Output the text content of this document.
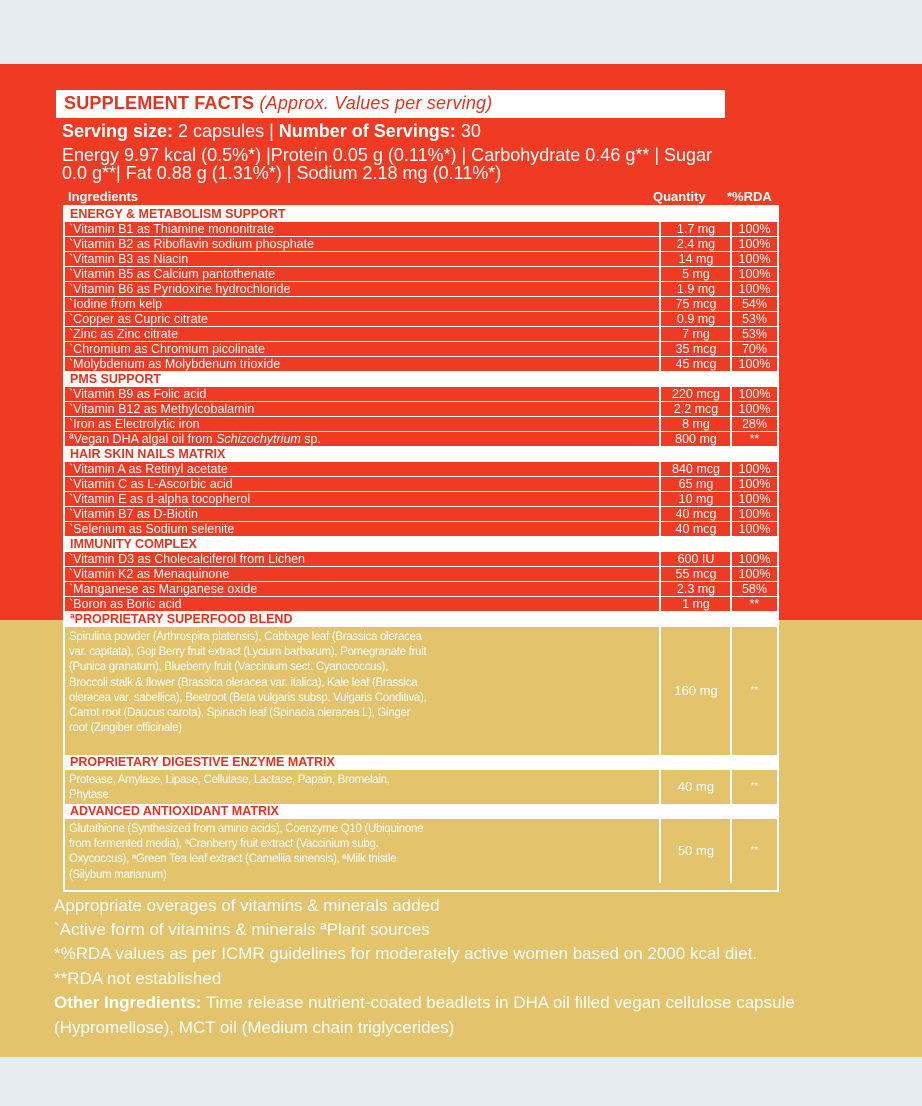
SUPPLEMENT FACTS (Approx. Values per serving)
Serving size: 2 capsules | Number of Servings: 30
Energy 9.97 kcal (0.5%*) |Protein 0.05 g (0.11%*) | Carbohydrate 0.46 g** | Sugar 0.0 g**| Fat 0.88 g (1.31%*) | Sodium 2.18 mg (0.11%*)
Ingredients	Quantity *%RDA
ENERGY & METABOLISM SUPPORT
`Vitamin B1 as Thiamine mononitrate	1.7 mg	100%
`Vitamin B2 as Riboflavin sodium phosphate	2.4 mg	100%
`Vitamin B3 as Niacin	14 mg	100%
`Vitamin B5 as Calcium pantothenate	5 mg	100%
`Vitamin B6 as Pyridoxine hydrochloride	1.9 mg	100%
`Iodine from kelp	75 mcg	54%
`Copper as Cupric citrate	0.9 mg	53%
`Zinc as Zinc citrate	7 mg	53%
`Chromium as Chromium picolinate	35 mcg	70%
`Molybdenum as Molybdenum trioxide	45 mcg	100%
PMS SUPPORT
`Vitamin B9 as Folic acid	220 mcg	100%
`Vitamin B12 as Methylcobalamin	2.2 mcg	100%
`Iron as Electrolytic iron	8 mg	28%
ªVegan DHA algal oil from Schizochytrium sp.	800 mg	**
HAIR SKIN NAILS MATRIX
`Vitamin A as Retinyl acetate	840 mcg	100%
`Vitamin C as L-Ascorbic acid	65 mg	100%
`Vitamin E as d-alpha tocopherol	10 mg	100%
`Vitamin B7 as D-Biotin	40 mcg	100%
`Selenium as Sodium selenite	40 mcg	100%
IMMUNITY COMPLEX
`Vitamin D3 as Cholecalciferol from Lichen	600 IU	100%
`Vitamin K2 as Menaquinone	55 mcg	100%
`Manganese as Manganese oxide	2.3 mg	58%
`Boron as Boric acid	1 mg	**
ªPROPRIETARY SUPERFOOD BLEND
Spirulina powder (Arthrospira platensis), Cabbage leaf (Brassica oleracea var. capitata), Goji Berry fruit extract (Lycium barbarum), Pomegranate fruit (Punica granatum), Blueberry fruit (Vaccinium sect. Cyanococcus), Broccoli stalk & flower (Brassica oleracea var. italica), Kale leaf (Brassica oleracea var. sabellica), Beetroot (Beta vulgaris subsp. Vulgaris Conditiva), Carrot root (Daucus carota), Spinach leaf (Spinacia oleracea L), Ginger root (Zingiber officinale)
160 mg	**
PROPRIETARY DIGESTIVE ENZYME MATRIX
Protease, Amylase, Lipase, Cellulase, Lactase, Papain, Bromelain, Phytase
40 mg	**
ADVANCED ANTIOXIDANT MATRIX
Glutathione (Synthesized from amino acids), Coenzyme Q10 (Ubiquinone from fermented media), ªCranberry fruit extract (Vaccinium subg. Oxycoccus), ªGreen Tea leaf extract (Camellia sinensis), ªMilk thistle (Silybum marianum)
50 mg	**
Appropriate overages of vitamins & minerals added
`Active form of vitamins & minerals ªPlant sources
*%RDA values as per ICMR guidelines for moderately active women based on 2000 kcal diet.
**RDA not established
Other Ingredients: Time release nutrient-coated beadlets in DHA oil filled vegan cellulose capsule
(Hypromellose), MCT oil (Medium chain triglycerides)
